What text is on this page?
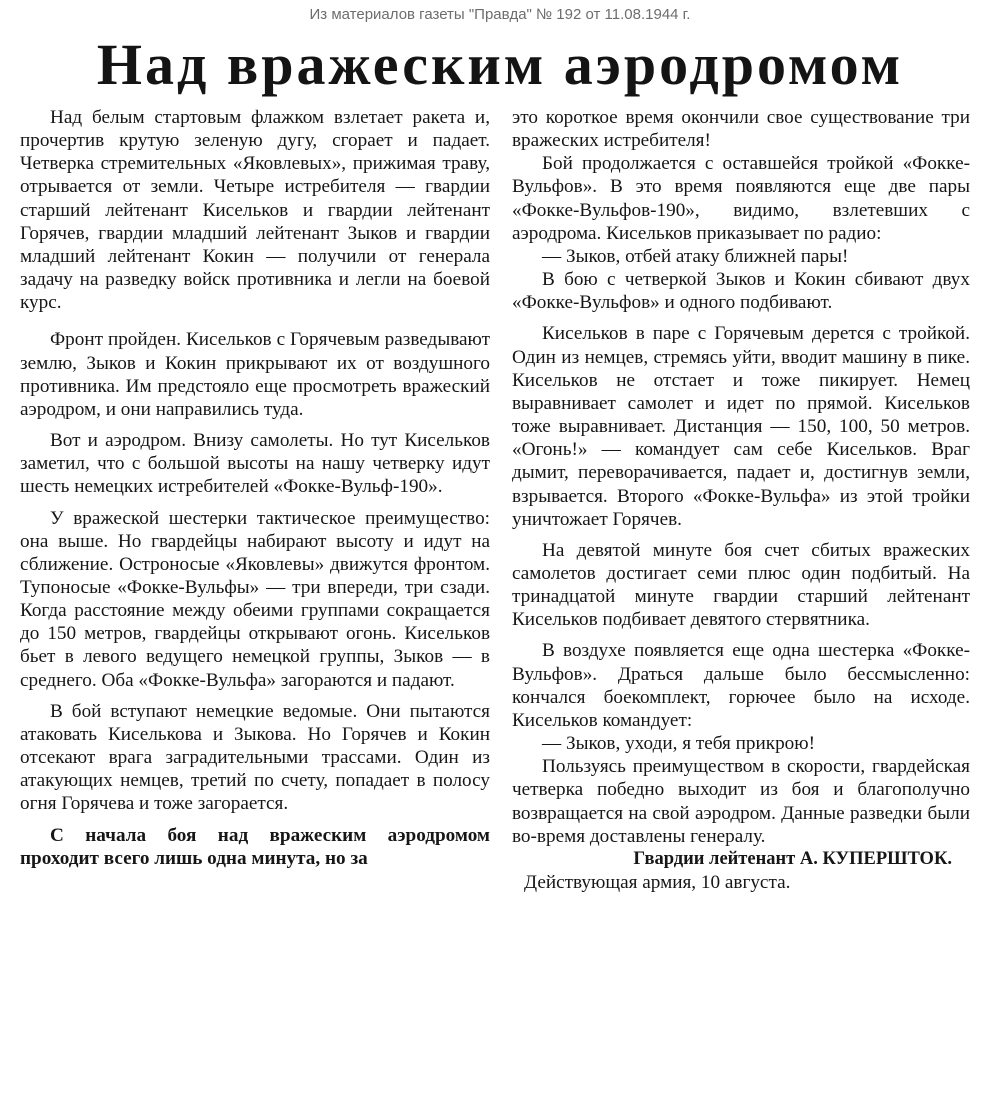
Из материалов газеты "Правда" № 192 от 11.08.1944 г.
Над вражеским аэродромом

Над белым стартовым флажком взлетает ракета и, прочертив крутую зеленую дугу, сгорает и падает. Четверка стремительных «Яковлевых», прижимая траву, отрывается от земли. Четыре истребителя — гвардии старший лейтенант Кисельков и гвардии лейтенант Горячев, гвардии младший лейтенант Зыков и гвардии младший лейтенант Кокин — получили от генерала задачу на разведку войск противника и легли на боевой курс.

Фронт пройден. Кисельков с Горячевым разведывают землю, Зыков и Кокин прикрывают их от воздушного противника. Им предстояло еще просмотреть вражеский аэродром, и они направились туда.

Вот и аэродром. Внизу самолеты. Но тут Кисельков заметил, что с большой высоты на нашу четверку идут шесть немецких истребителей «Фокке-Вульф-190».

У вражеской шестерки тактическое преимущество: она выше. Но гвардейцы набирают высоту и идут на сближение. Остроносые «Яковлевы» движутся фронтом. Тупоносые «Фокке-Вульфы» — три впереди, три сзади. Когда расстояние между обеими группами сокращается до 150 метров, гвардейцы открывают огонь. Кисельков бьет в левого ведущего немецкой группы, Зыков — в среднего. Оба «Фокке-Вульфа» загораются и падают.

В бой вступают немецкие ведомые. Они пытаются атаковать Киселькова и Зыкова. Но Горячев и Кокин отсекают врага заградительными трассами. Один из атакующих немцев, третий по счету, попадает в полосу огня Горячева и тоже загорается.

С начала боя над вражеским аэродромом проходит всего лишь одна минута, но за

это короткое время окончили свое существование три вражеских истребителя!

Бой продолжается с оставшейся тройкой «Фокке-Вульфов». В это время появляются еще две пары «Фокке-Вульфов-190», видимо, взлетевших с аэродрома. Кисельков приказывает по радио:

— Зыков, отбей атаку ближней пары!

В бою с четверкой Зыков и Кокин сбивают двух «Фокке-Вульфов» и одного подбивают.

Кисельков в паре с Горячевым дерется с тройкой. Один из немцев, стремясь уйти, вводит машину в пике. Кисельков не отстает и тоже пикирует. Немец выравнивает самолет и идет по прямой. Кисельков тоже выравнивает. Дистанция — 150, 100, 50 метров. «Огонь!» — командует сам себе Кисельков. Враг дымит, переворачивается, падает и, достигнув земли, взрывается. Второго «Фокке-Вульфа» из этой тройки уничтожает Горячев.

На девятой минуте боя счет сбитых вражеских самолетов достигает семи плюс один подбитый. На тринадцатой минуте гвардии старший лейтенант Кисельков подбивает девятого стервятника.

В воздухе появляется еще одна шестерка «Фокке-Вульфов». Драться дальше было бессмысленно: кончался боекомплект, горючее было на исходе. Кисельков командует:

— Зыков, уходи, я тебя прикрою!

Пользуясь преимуществом в скорости, гвардейская четверка победно выходит из боя и благополучно возвращается на свой аэродром. Данные разведки были во-время доставлены генералу.

Гвардии лейтенант А. КУПЕРШТОК.

Действующая армия, 10 августа.
